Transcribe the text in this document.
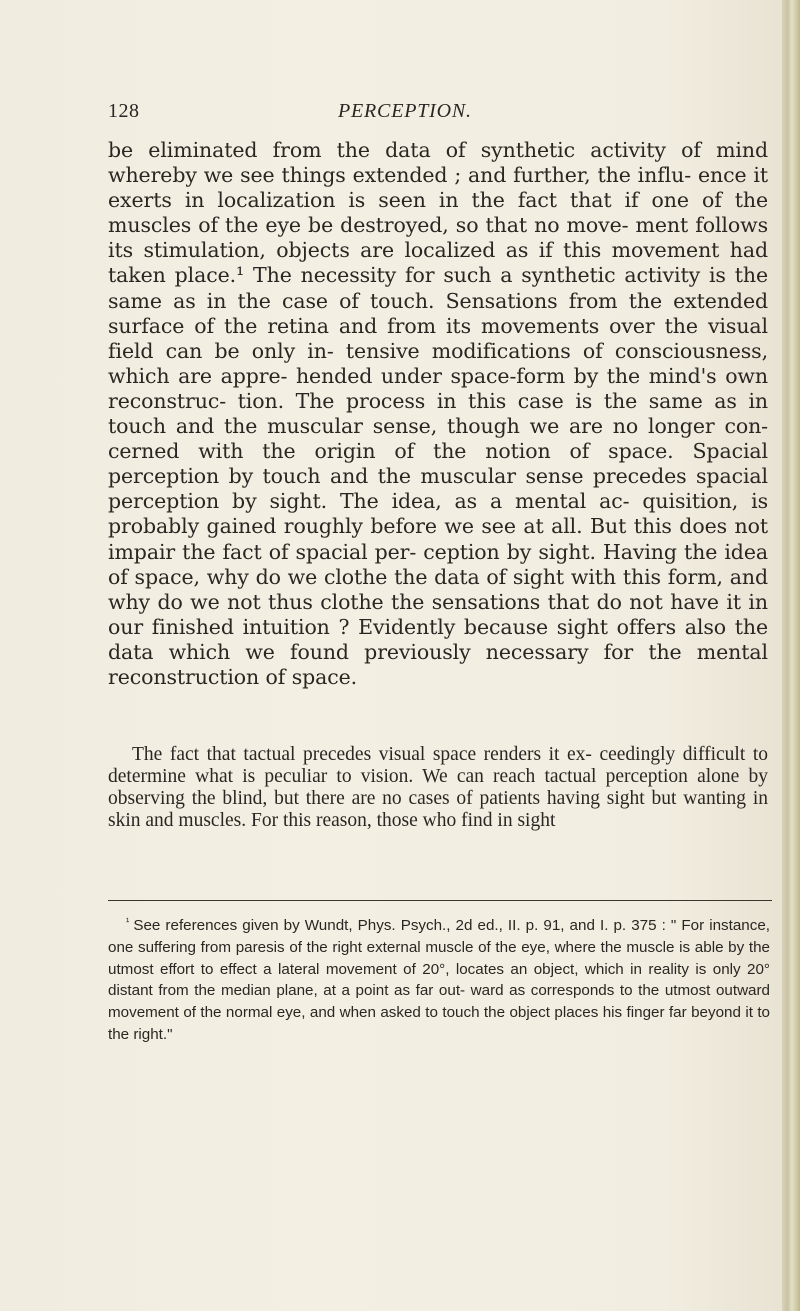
128	PERCEPTION.

be eliminated from the data of synthetic activity of mind whereby we see things extended ; and further, the influ- ence it exerts in localization is seen in the fact that if one of the muscles of the eye be destroyed, so that no move- ment follows its stimulation, objects are localized as if this movement had taken place.¹ The necessity for such a synthetic activity is the same as in the case of touch. Sensations from the extended surface of the retina and from its movements over the visual field can be only in- tensive modifications of consciousness, which are appre- hended under space-form by the mind's own reconstruc- tion. The process in this case is the same as in touch and the muscular sense, though we are no longer con- cerned with the origin of the notion of space. Spacial perception by touch and the muscular sense precedes spacial perception by sight. The idea, as a mental ac- quisition, is probably gained roughly before we see at all. But this does not impair the fact of spacial per- ception by sight. Having the idea of space, why do we clothe the data of sight with this form, and why do we not thus clothe the sensations that do not have it in our finished intuition ? Evidently because sight offers also the data which we found previously necessary for the mental reconstruction of space.

The fact that tactual precedes visual space renders it ex- ceedingly difficult to determine what is peculiar to vision. We can reach tactual perception alone by observing the blind, but there are no cases of patients having sight but wanting in skin and muscles. For this reason, those who find in sight

$^{^1}$ See references given by Wundt, Phys. Psych., 2d ed., II. p. 91, and I. p. 375 : " For instance, one suffering from paresis of the right external muscle of the eye, where the muscle is able by the utmost effort to effect a lateral movement of 20°, locates an object, which in reality is only 20° distant from the median plane, at a point as far out- ward as corresponds to the utmost outward movement of the normal eye, and when asked to touch the object places his finger far beyond it to the right."
